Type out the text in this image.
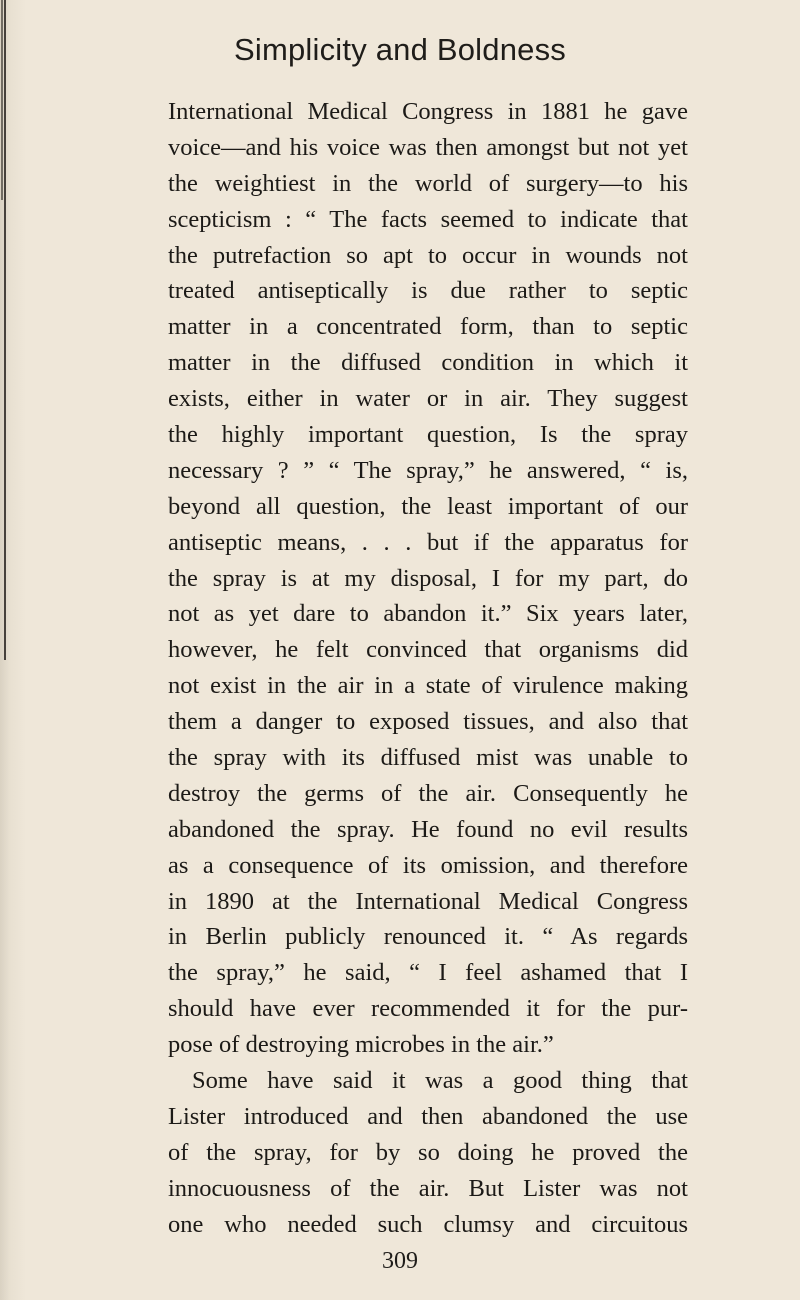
Simplicity and Boldness
International Medical Congress in 1881 he gave
voice—and his voice was then amongst but not yet
the weightiest in the world of surgery—to his
scepticism : “ The facts seemed to indicate that
the putrefaction so apt to occur in wounds not
treated antiseptically is due rather to septic
matter in a concentrated form, than to septic
matter in the diffused condition in which it
exists, either in water or in air. They suggest
the highly important question, Is the spray
necessary ? ” “ The spray,” he answered, “ is,
beyond all question, the least important of our
antiseptic means, . . . but if the apparatus for
the spray is at my disposal, I for my part, do
not as yet dare to abandon it.” Six years later,
however, he felt convinced that organisms did
not exist in the air in a state of virulence making
them a danger to exposed tissues, and also that
the spray with its diffused mist was unable to
destroy the germs of the air. Consequently he
abandoned the spray. He found no evil results
as a consequence of its omission, and therefore
in 1890 at the International Medical Congress
in Berlin publicly renounced it. “ As regards
the spray,” he said, “ I feel ashamed that I
should have ever recommended it for the pur-
pose of destroying microbes in the air.”
Some have said it was a good thing that
Lister introduced and then abandoned the use
of the spray, for by so doing he proved the
innocuousness of the air. But Lister was not
one who needed such clumsy and circuitous
309
